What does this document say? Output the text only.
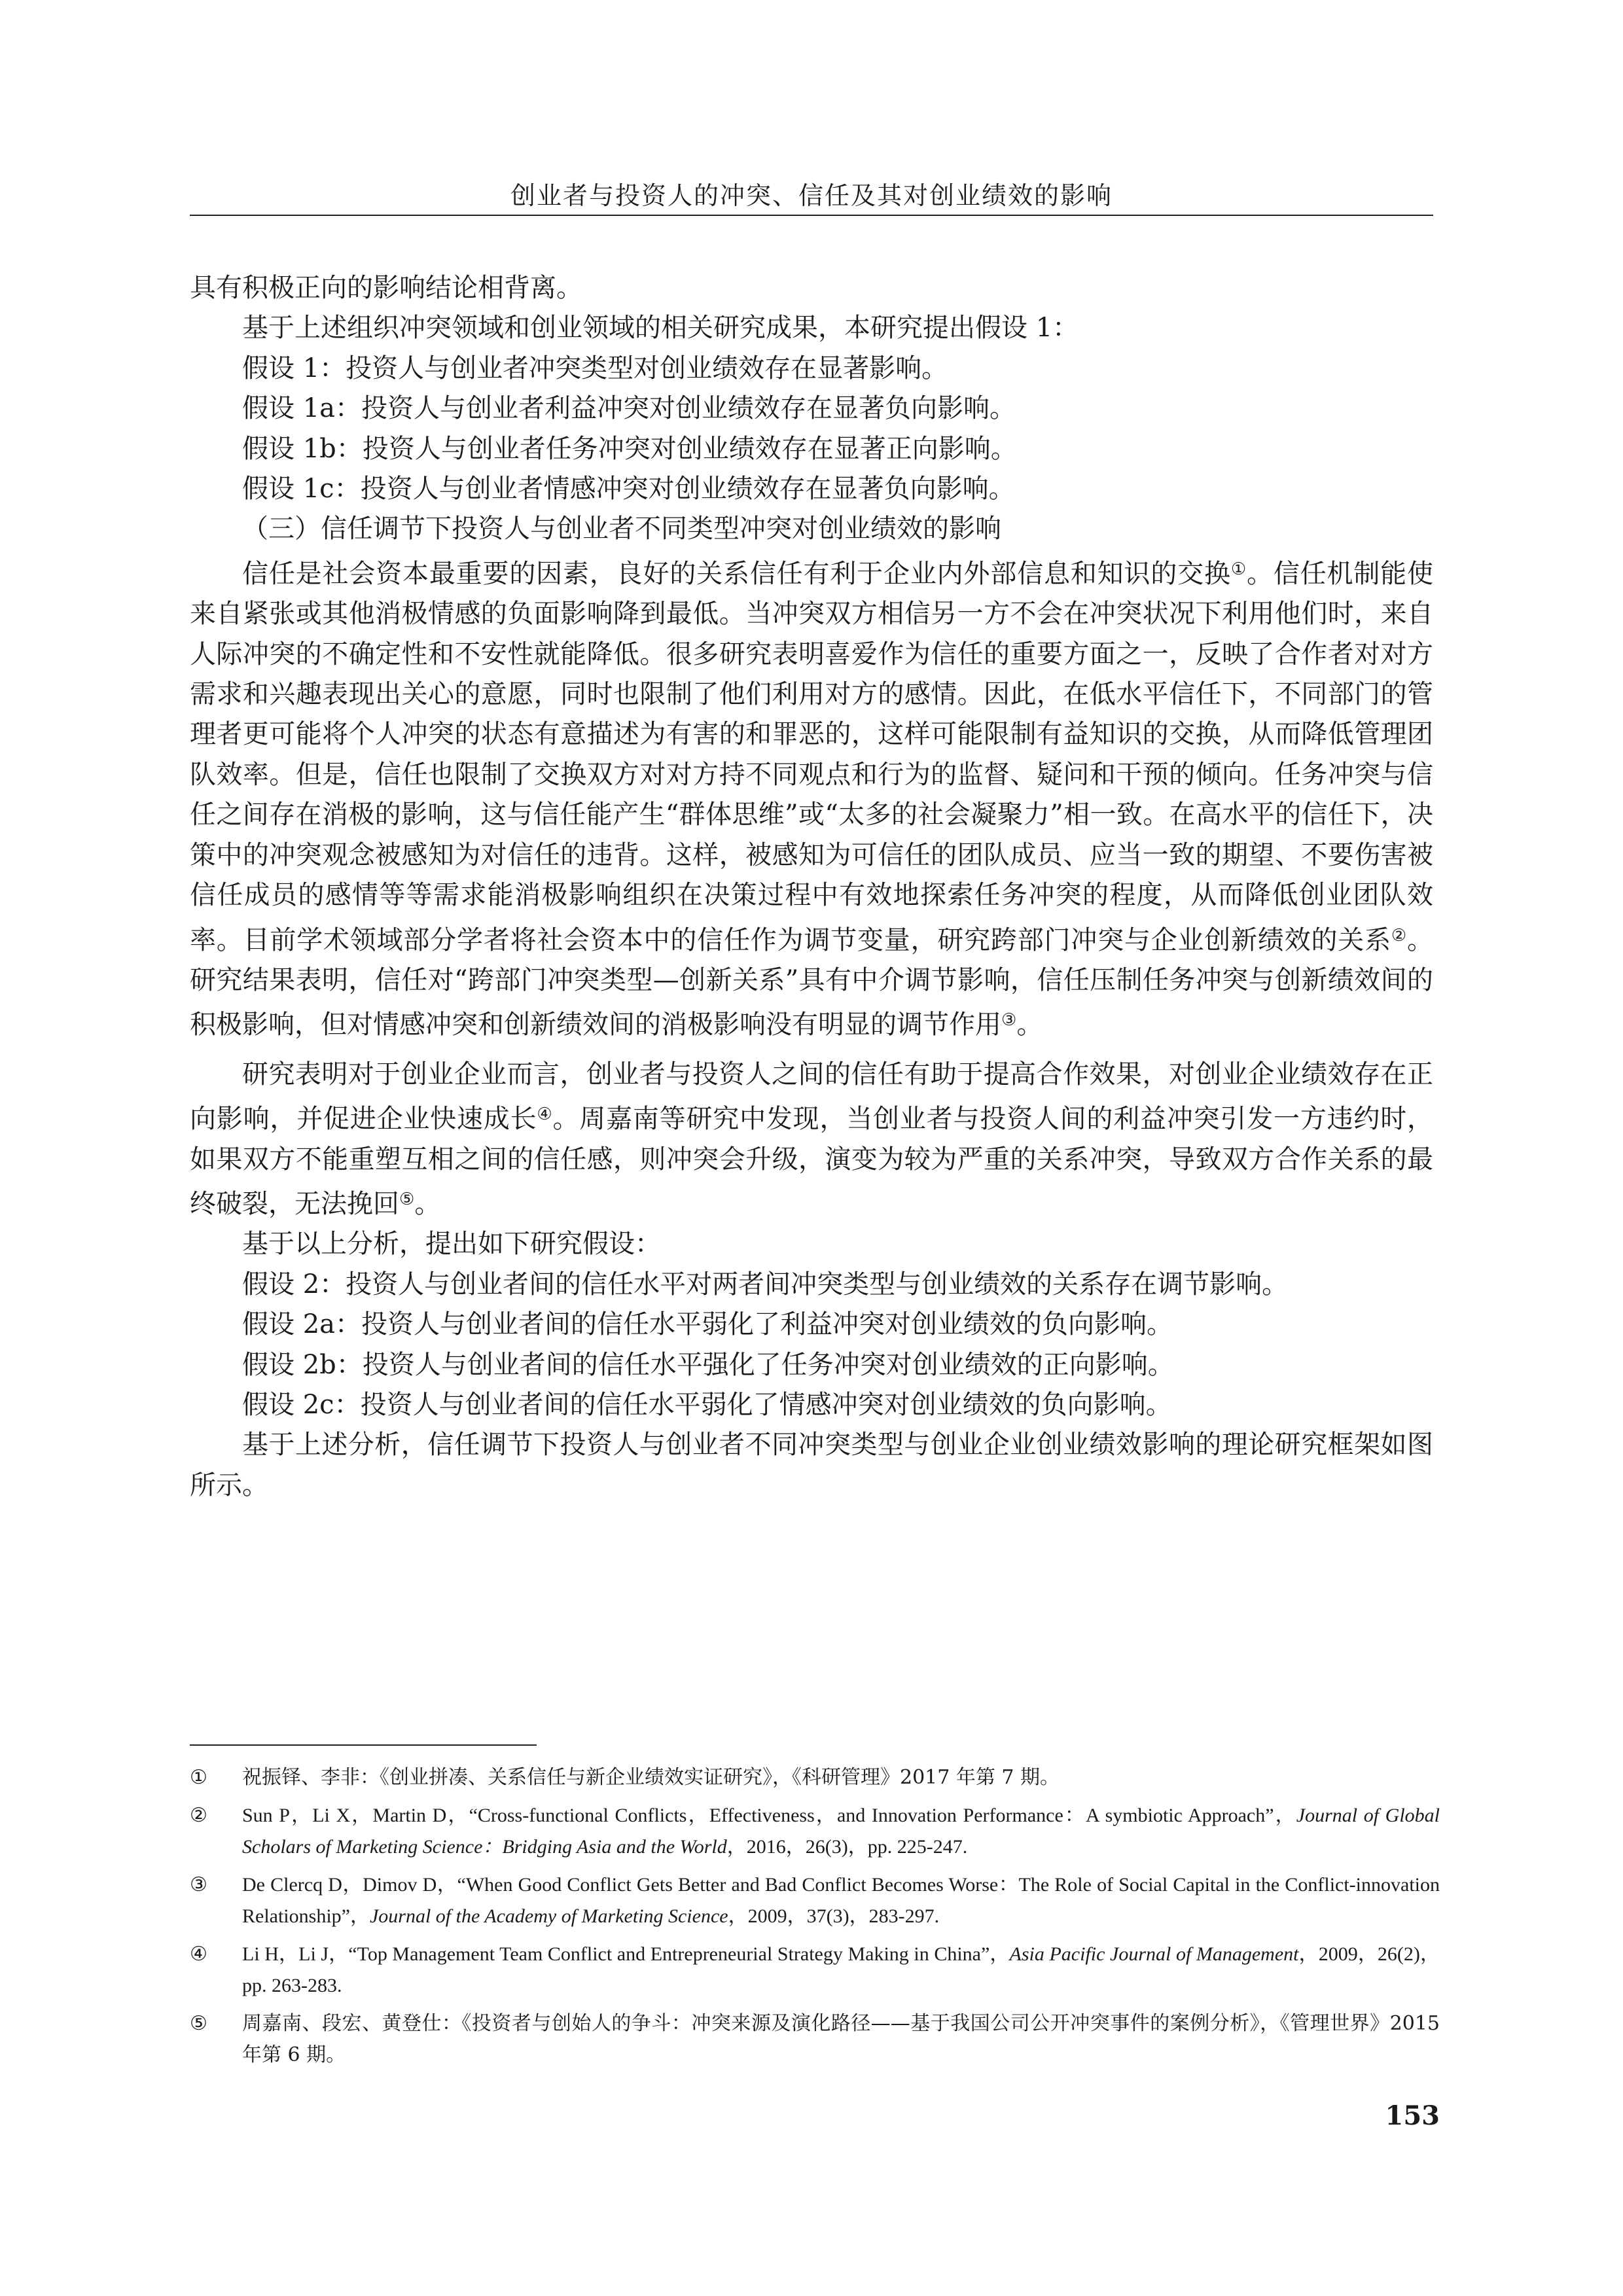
创业者与投资人的冲突、信任及其对创业绩效的影响

具有积极正向的影响结论相背离。

基于上述组织冲突领域和创业领域的相关研究成果，本研究提出假设 1：

假设 1：投资人与创业者冲突类型对创业绩效存在显著影响。

假设 1a：投资人与创业者利益冲突对创业绩效存在显著负向影响。

假设 1b：投资人与创业者任务冲突对创业绩效存在显著正向影响。

假设 1c：投资人与创业者情感冲突对创业绩效存在显著负向影响。

（三）信任调节下投资人与创业者不同类型冲突对创业绩效的影响

信任是社会资本最重要的因素，良好的关系信任有利于企业内外部信息和知识的交换①。信任机制能使来自紧张或其他消极情感的负面影响降到最低。当冲突双方相信另一方不会在冲突状况下利用他们时，来自人际冲突的不确定性和不安性就能降低。很多研究表明喜爱作为信任的重要方面之一，反映了合作者对对方需求和兴趣表现出关心的意愿，同时也限制了他们利用对方的感情。因此，在低水平信任下，不同部门的管理者更可能将个人冲突的状态有意描述为有害的和罪恶的，这样可能限制有益知识的交换，从而降低管理团队效率。但是，信任也限制了交换双方对对方持不同观点和行为的监督、疑问和干预的倾向。任务冲突与信任之间存在消极的影响，这与信任能产生“群体思维”或“太多的社会凝聚力”相一致。在高水平的信任下，决策中的冲突观念被感知为对信任的违背。这样，被感知为可信任的团队成员、应当一致的期望、不要伤害被信任成员的感情等等需求能消极影响组织在决策过程中有效地探索任务冲突的程度，从而降低创业团队效率。目前学术领域部分学者将社会资本中的信任作为调节变量，研究跨部门冲突与企业创新绩效的关系②。研究结果表明，信任对“跨部门冲突类型—创新关系”具有中介调节影响，信任压制任务冲突与创新绩效间的积极影响，但对情感冲突和创新绩效间的消极影响没有明显的调节作用③。

研究表明对于创业企业而言，创业者与投资人之间的信任有助于提高合作效果，对创业企业绩效存在正向影响，并促进企业快速成长④。周嘉南等研究中发现，当创业者与投资人间的利益冲突引发一方违约时，如果双方不能重塑互相之间的信任感，则冲突会升级，演变为较为严重的关系冲突，导致双方合作关系的最终破裂，无法挽回⑤。

基于以上分析，提出如下研究假设：

假设 2：投资人与创业者间的信任水平对两者间冲突类型与创业绩效的关系存在调节影响。

假设 2a：投资人与创业者间的信任水平弱化了利益冲突对创业绩效的负向影响。

假设 2b：投资人与创业者间的信任水平强化了任务冲突对创业绩效的正向影响。

假设 2c：投资人与创业者间的信任水平弱化了情感冲突对创业绩效的负向影响。

基于上述分析，信任调节下投资人与创业者不同冲突类型与创业企业创业绩效影响的理论研究框架如图所示。

① 祝振铎、李非：《创业拼凑、关系信任与新企业绩效实证研究》，《科研管理》2017 年第 7 期。
② Sun P，Li X，Martin D，“Cross-functional Conflicts，Effectiveness，and Innovation Performance：A symbiotic Approach”，Journal of Global Scholars of Marketing Science：Bridging Asia and the World，2016，26(3)，pp. 225-247.
③ De Clercq D，Dimov D，“When Good Conflict Gets Better and Bad Conflict Becomes Worse：The Role of Social Capital in the Conflict-innovation Relationship”，Journal of the Academy of Marketing Science，2009，37(3)，283-297.
④ Li H，Li J，“Top Management Team Conflict and Entrepreneurial Strategy Making in China”，Asia Pacific Journal of Management，2009，26(2)，pp. 263-283.
⑤ 周嘉南、段宏、黄登仕：《投资者与创始人的争斗：冲突来源及演化路径——基于我国公司公开冲突事件的案例分析》，《管理世界》2015 年第 6 期。
153
